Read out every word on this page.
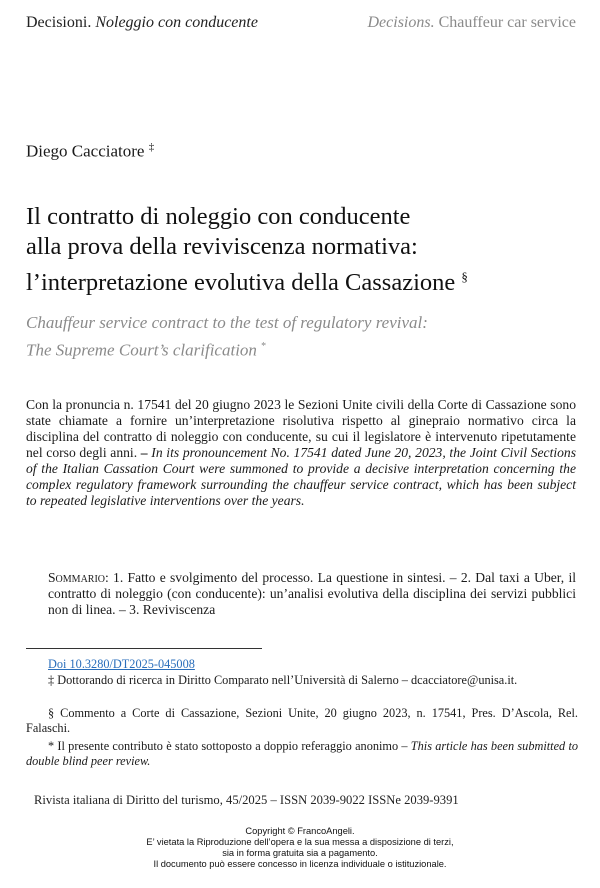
Decisioni. Noleggio con conducente	Decisions. Chauffeur car service
Diego Cacciatore ‡
Il contratto di noleggio con conducente
alla prova della reviviscenza normativa:
l’interpretazione evolutiva della Cassazione §
Chauffeur service contract to the test of regulatory revival:
The Supreme Court’s clarification *
Con la pronuncia n. 17541 del 20 giugno 2023 le Sezioni Unite civili della Corte di Cassazione sono state chiamate a fornire un’interpretazione risolutiva rispetto al ginepraio normativo circa la disciplina del contratto di noleggio con conducente, su cui il legislatore è intervenuto ripetutamente nel corso degli anni. – In its pronouncement No. 17541 dated June 20, 2023, the Joint Civil Sections of the Italian Cassation Court were summoned to provide a decisive interpretation concerning the complex regulatory framework surrounding the chauffeur service contract, which has been subject to repeated legislative interventions over the years.
Sommario: 1. Fatto e svolgimento del processo. La questione in sintesi. – 2. Dal taxi a Uber, il contratto di noleggio (con conducente): un’analisi evolutiva della disciplina dei servizi pubblici non di linea. – 3. Reviviscenza
Doi 10.3280/DT2025-045008
‡ Dottorando di ricerca in Diritto Comparato nell’Università di Salerno – dcacciatore@unisa.it.
§ Commento a Corte di Cassazione, Sezioni Unite, 20 giugno 2023, n. 17541, Pres. D’Ascola, Rel. Falaschi.
* Il presente contributo è stato sottoposto a doppio referaggio anonimo – This article has been submitted to double blind peer review.
Rivista italiana di Diritto del turismo, 45/2025 – ISSN 2039-9022 ISSNe 2039-9391
Copyright © FrancoAngeli.
E’ vietata la Riproduzione dell’opera e la sua messa a disposizione di terzi,
sia in forma gratuita sia a pagamento.
Il documento può essere concesso in licenza individuale o istituzionale.
